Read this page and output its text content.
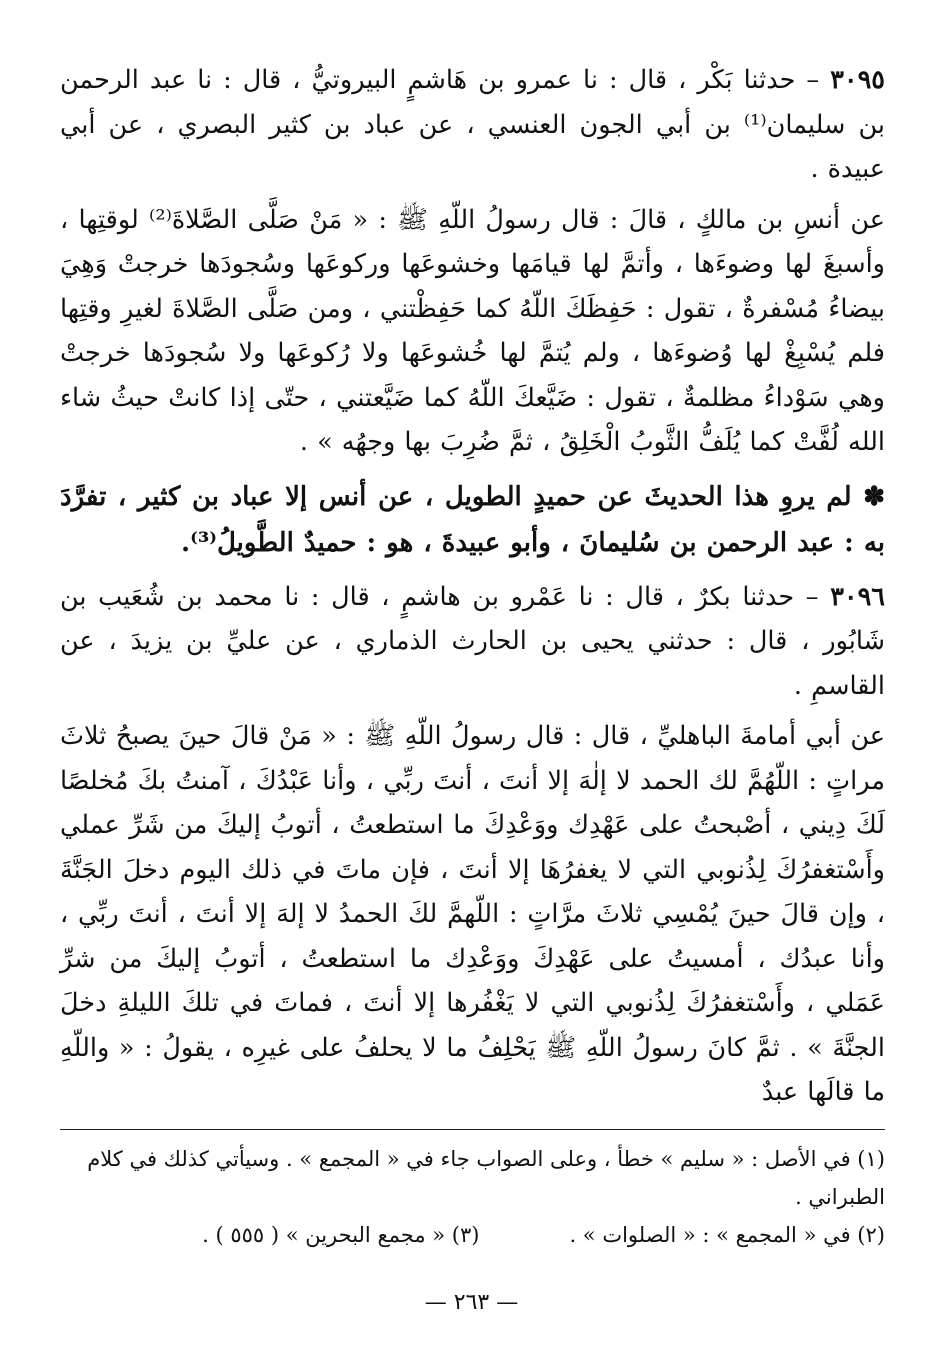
٣٠٩٥ – حدثنا بَكْر ، قال : نا عمرو بن هَاشمٍ البيروتيُّ ، قال : نا عبد الرحمن بن سليمان⁽¹⁾ بن أبي الجون العنسي ، عن عباد بن كثير البصري ، عن أبي عبيدة .

عن أنسِ بن مالكٍ ، قالَ : قال رسولُ اللّهِ ﷺ : « مَنْ صَلَّى الصَّلاةَ⁽²⁾ لوقتِها ، وأسبغَ لها وضوءَها ، وأتمَّ لها قيامَها وخشوعَها وركوعَها وسُجودَها خرجتْ وَهِيَ بيضاءُ مُسْفرةٌ ، تقول : حَفِظَكَ اللّهُ كما حَفِظْتني ، ومن صَلَّى الصَّلاةَ لغيرِ وقتِها فلم يُسْبِغْ لها وُضوءَها ، ولم يُتمَّ لها خُشوعَها ولا رُكوعَها ولا سُجودَها خرجتْ وهي سَوْداءُ مظلمةٌ ، تقول : ضَيَّعكَ اللّهُ كما ضَيَّعتني ، حتّى إذا كانتْ حيثُ شاء الله لُفَّتْ كما يُلَفُّ الثَّوبُ الْخَلِقُ ، ثمَّ ضُرِبَ بها وجهُه » .

✽ لم يروِ هذا الحديثَ عن حميدٍ الطويل ، عن أنس إلا عباد بن كثير ، تفرَّدَ به : عبد الرحمن بن سُليمانَ ، وأبو عبيدةَ ، هو : حميدٌ الطَّويلُ⁽³⁾.

٣٠٩٦ – حدثنا بكرٌ ، قال : نا عَمْرو بن هاشمٍ ، قال : نا محمد بن شُعَيب بن شَابُور ، قال : حدثني يحيى بن الحارث الذماري ، عن عليِّ بن يزيدَ ، عن القاسمِ .

عن أبي أمامةَ الباهليِّ ، قال : قال رسولُ اللّهِ ﷺ : « مَنْ قالَ حينَ يصبحُ ثلاثَ مراتٍ : اللّهُمَّ لك الحمد لا إلٰهَ إلا أنتَ ، أنتَ ربِّي ، وأنا عَبْدُكَ ، آمنتُ بكَ مُخلصًا لَكَ دِيني ، أصْبحتُ على عَهْدِك ووَعْدِكَ ما استطعتُ ، أتوبُ إليكَ من شَرِّ عملي وأَسْتغفرُكَ لِذُنوبي التي لا يغفرُهَا إلا أنتَ ، فإن ماتَ في ذلك اليوم دخلَ الجَنَّةَ ، وإن قالَ حينَ يُمْسِي ثلاثَ مرَّاتٍ : اللّهمَّ لكَ الحمدُ لا إلهَ إلا أنتَ ، أنتَ ربِّي ، وأنا عبدُك ، أمسيتُ على عَهْدِكَ ووَعْدِك ما استطعتُ ، أتوبُ إليكَ من شرِّ عَمَلي ، وأَسْتغفرُكَ لِذُنوبي التي لا يَغْفُرها إلا أنتَ ، فماتَ في تلكَ الليلةِ دخلَ الجنَّةَ » . ثمَّ كانَ رسولُ اللّهِ ﷺ يَحْلِفُ ما لا يحلفُ على غيرِه ، يقولُ : « واللّهِ ما قالَها عبدٌ

(١) في الأصل : « سليم » خطأ ، وعلى الصواب جاء في « المجمع » . وسيأتي كذلك في كلام الطبراني .

(٢) في « المجمع » : « الصلوات » .

(٣) « مجمع البحرين » ( ٥٥٥ ) .

— ٢٦٣ —
